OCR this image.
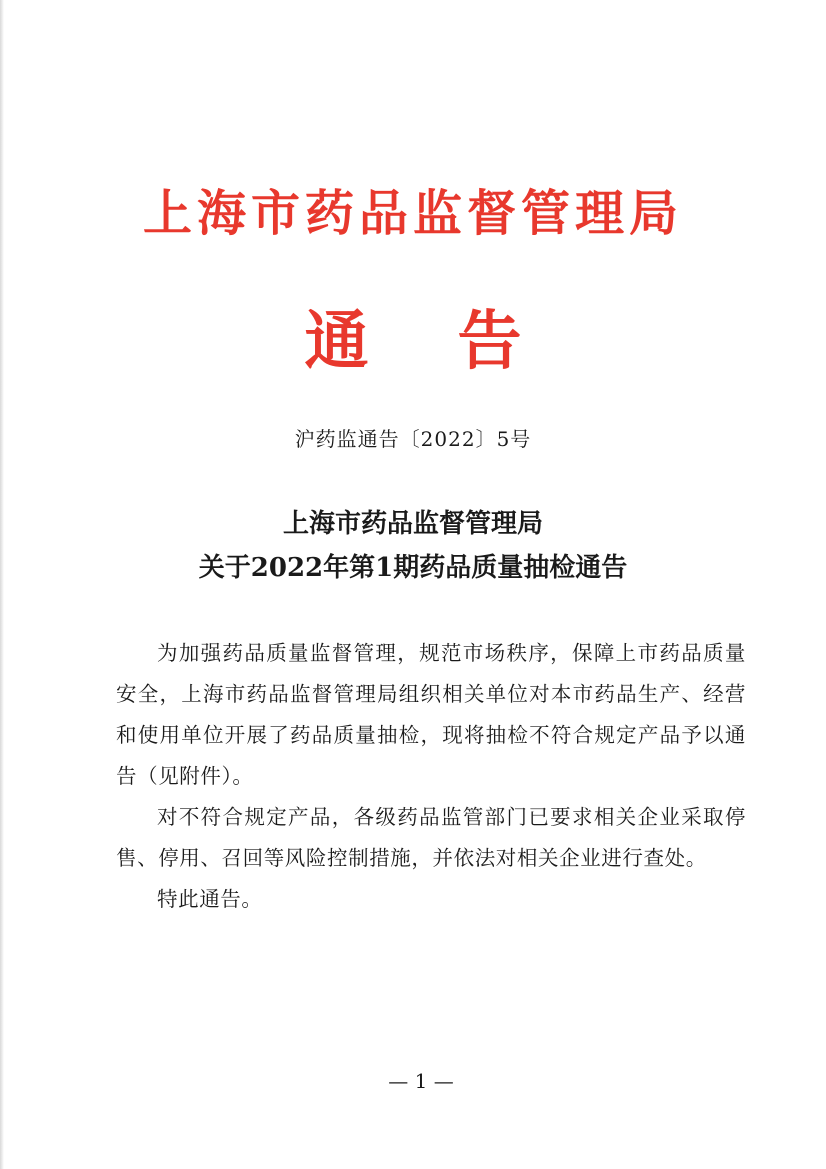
上海市药品监督管理局
通    告
沪药监通告〔2022〕5号
上海市药品监督管理局
关于2022年第1期药品质量抽检通告

为加强药品质量监督管理，规范市场秩序，保障上市药品质量安全，上海市药品监督管理局组织相关单位对本市药品生产、经营和使用单位开展了药品质量抽检，现将抽检不符合规定产品予以通告（见附件）。

对不符合规定产品，各级药品监管部门已要求相关企业采取停售、停用、召回等风险控制措施，并依法对相关企业进行查处。

特此通告。

— 1 —
